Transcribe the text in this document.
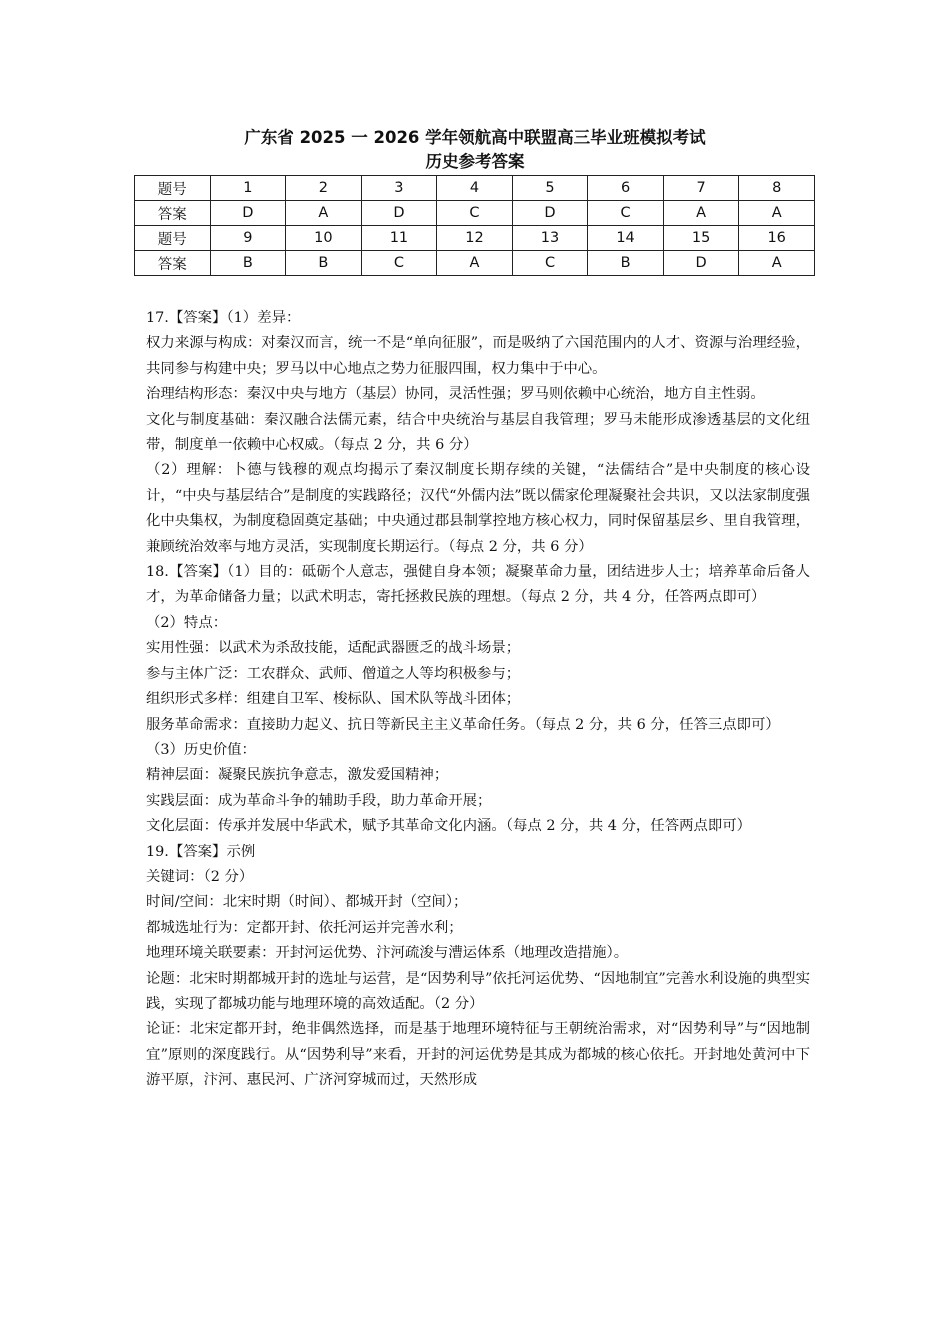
广东省 2025 一 2026 学年领航高中联盟高三毕业班模拟考试
历史参考答案
题号	1	2	3	4	5	6	7	8
答案	D	A	D	C	D	C	A	A
题号	9	10	11	12	13	14	15	16
答案	B	B	C	A	C	B	D	A

17.【答案】（1）差异：

权力来源与构成：对秦汉而言，统一不是“单向征服”，而是吸纳了六国范围内的人才、资源与治理经验，共同参与构建中央；罗马以中心地点之势力征服四围，权力集中于中心。

治理结构形态：秦汉中央与地方（基层）协同，灵活性强；罗马则依赖中心统治，地方自主性弱。

文化与制度基础：秦汉融合法儒元素，结合中央统治与基层自我管理；罗马未能形成渗透基层的文化纽带，制度单一依赖中心权威。（每点 2 分，共 6 分）

（2）理解：卜德与钱穆的观点均揭示了秦汉制度长期存续的关键，“法儒结合”是中央制度的核心设计，“中央与基层结合”是制度的实践路径；汉代“外儒内法”既以儒家伦理凝聚社会共识，又以法家制度强化中央集权，为制度稳固奠定基础；中央通过郡县制掌控地方核心权力，同时保留基层乡、里自我管理，兼顾统治效率与地方灵活，实现制度长期运行。（每点 2 分，共 6 分）

18.【答案】（1）目的：砥砺个人意志，强健自身本领；凝聚革命力量，团结进步人士；培养革命后备人才，为革命储备力量；以武术明志，寄托拯救民族的理想。（每点 2 分，共 4 分，任答两点即可）

（2）特点：

实用性强：以武术为杀敌技能，适配武器匮乏的战斗场景；

参与主体广泛：工农群众、武师、僧道之人等均积极参与；

组织形式多样：组建自卫军、梭标队、国术队等战斗团体；

服务革命需求：直接助力起义、抗日等新民主主义革命任务。（每点 2 分，共 6 分，任答三点即可）

（3）历史价值：

精神层面：凝聚民族抗争意志，激发爱国精神；

实践层面：成为革命斗争的辅助手段，助力革命开展；

文化层面：传承并发展中华武术，赋予其革命文化内涵。（每点 2 分，共 4 分，任答两点即可）

19.【答案】示例

关键词：（2 分）

时间/空间：北宋时期（时间）、都城开封（空间）；

都城选址行为：定都开封、依托河运并完善水利；

地理环境关联要素：开封河运优势、汴河疏浚与漕运体系（地理改造措施）。

论题：北宋时期都城开封的选址与运营，是“因势利导”依托河运优势、“因地制宜”完善水利设施的典型实践，实现了都城功能与地理环境的高效适配。（2 分）

论证：北宋定都开封，绝非偶然选择，而是基于地理环境特征与王朝统治需求，对“因势利导”与“因地制宜”原则的深度践行。从“因势利导”来看，开封的河运优势是其成为都城的核心依托。开封地处黄河中下游平原，汴河、惠民河、广济河穿城而过，天然形成
